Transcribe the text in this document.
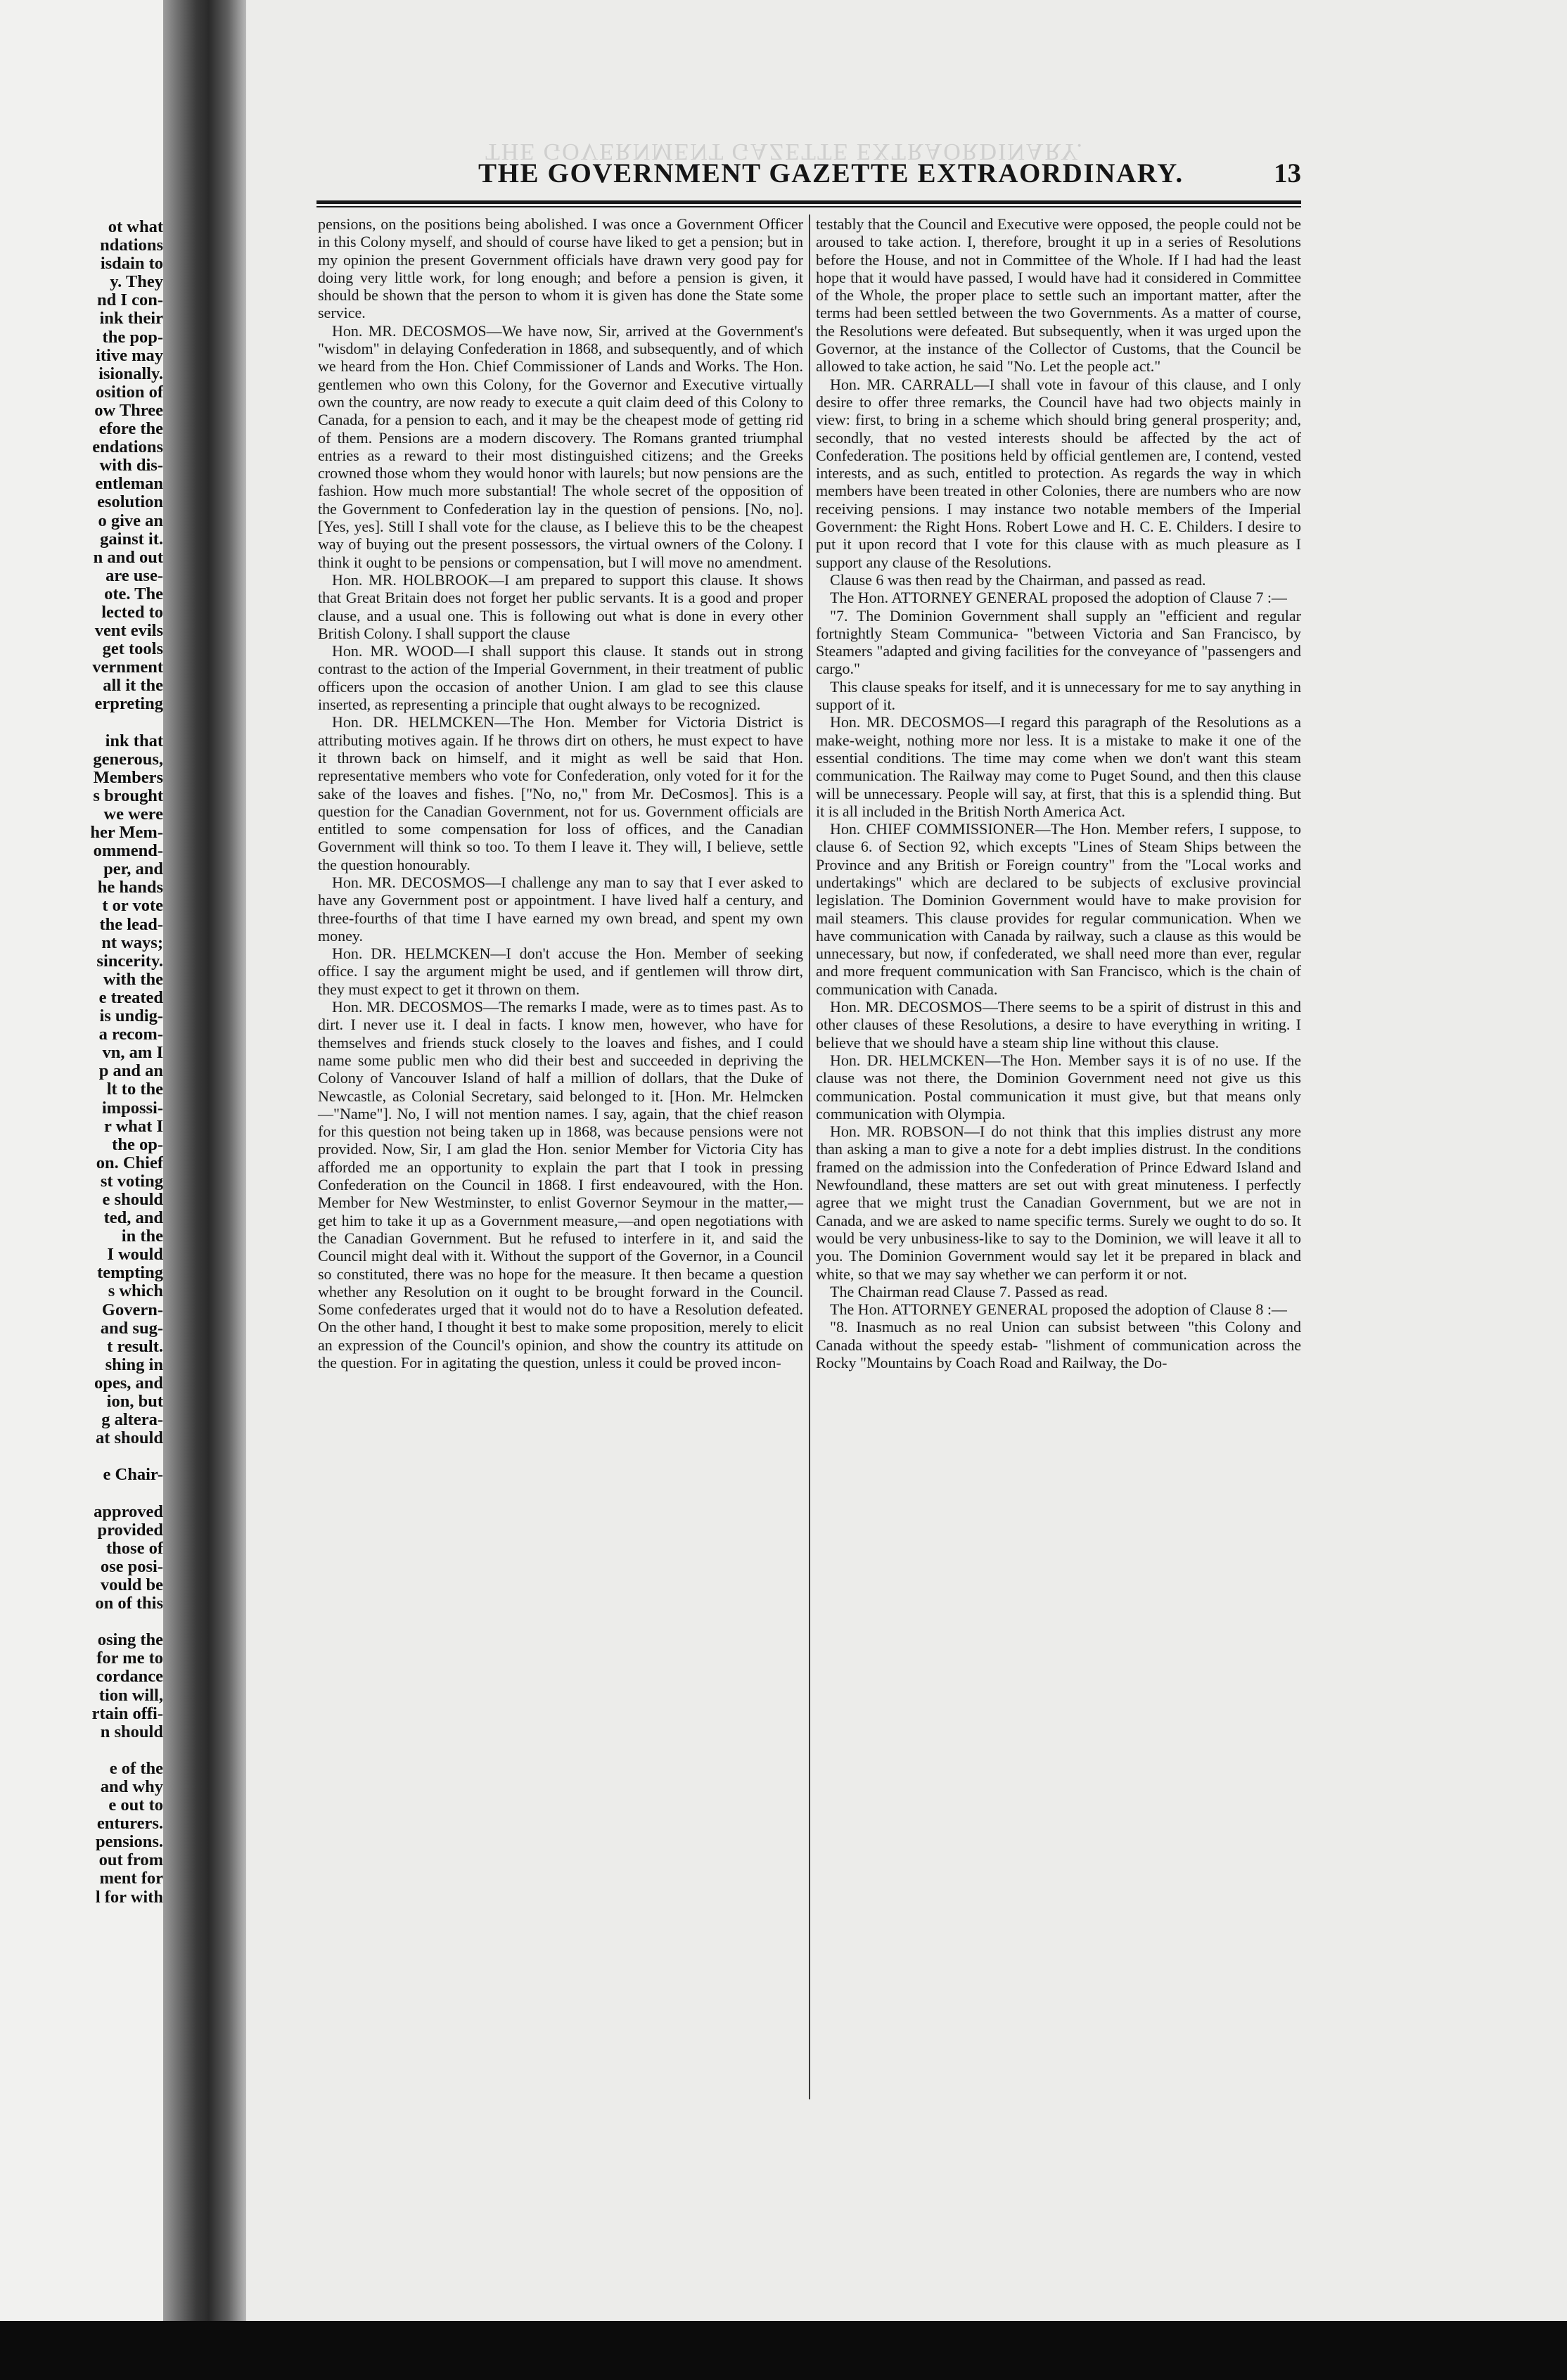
ot what
ndations
isdain to
y. They
nd I con-
ink their
the pop-
itive may
isionally.
osition of
ow Three
efore the
endations
with dis-
entleman
esolution
o give an
gainst it.
n and out
are use-
ote. The
lected to
vent evils
get tools
vernment
all it the
erpreting

ink that
generous,
Members
s brought
we were
her Mem-
ommend-
per, and
he hands
t or vote
the lead-
nt ways;
sincerity.
with the
e treated
is undig-
a recom-
vn, am I
p and an
lt to the
impossi-
r what I
the op-
on. Chief
st voting
e should
ted, and
in the
I would
tempting
s which
Govern-
and sug-
t result.
shing in
opes, and
ion, but
g altera-
at should

e Chair-

approved
provided
those of
ose posi-
vould be
on of this

osing the
for me to
cordance
tion will,
rtain offi-
n should

e of the
and why
e out to
enturers.
pensions.
out from
ment for
l for with
THE GOVERNMENT GAZETTE EXTRAORDINARY.
THE GOVERNMENT GAZETTE EXTRAORDINARY.	13

pensions, on the positions being abolished. I was once a Government Officer in this Colony myself, and should of course have liked to get a pension; but in my opinion the present Government officials have drawn very good pay for doing very little work, for long enough; and before a pension is given, it should be shown that the person to whom it is given has done the State some service.

Hon. MR. DECOSMOS—We have now, Sir, arrived at the Government's "wisdom" in delaying Confederation in 1868, and subsequently, and of which we heard from the Hon. Chief Commissioner of Lands and Works. The Hon. gentlemen who own this Colony, for the Governor and Executive virtually own the country, are now ready to execute a quit claim deed of this Colony to Canada, for a pension to each, and it may be the cheapest mode of getting rid of them. Pensions are a modern discovery. The Romans granted triumphal entries as a reward to their most distinguished citizens; and the Greeks crowned those whom they would honor with laurels; but now pensions are the fashion. How much more substantial! The whole secret of the opposition of the Government to Confederation lay in the question of pensions. [No, no]. [Yes, yes]. Still I shall vote for the clause, as I believe this to be the cheapest way of buying out the present possessors, the virtual owners of the Colony. I think it ought to be pensions or compensation, but I will move no amendment.

Hon. MR. HOLBROOK—I am prepared to support this clause. It shows that Great Britain does not forget her public servants. It is a good and proper clause, and a usual one. This is following out what is done in every other British Colony. I shall support the clause

Hon. MR. WOOD—I shall support this clause. It stands out in strong contrast to the action of the Imperial Government, in their treatment of public officers upon the occasion of another Union. I am glad to see this clause inserted, as representing a principle that ought always to be recognized.

Hon. DR. HELMCKEN—The Hon. Member for Victoria District is attributing motives again. If he throws dirt on others, he must expect to have it thrown back on himself, and it might as well be said that Hon. representative members who vote for Confederation, only voted for it for the sake of the loaves and fishes. ["No, no," from Mr. DeCosmos]. This is a question for the Canadian Government, not for us. Government officials are entitled to some compensation for loss of offices, and the Canadian Government will think so too. To them I leave it. They will, I believe, settle the question honourably.

Hon. MR. DECOSMOS—I challenge any man to say that I ever asked to have any Government post or appointment. I have lived half a century, and three-fourths of that time I have earned my own bread, and spent my own money.

Hon. DR. HELMCKEN—I don't accuse the Hon. Member of seeking office. I say the argument might be used, and if gentlemen will throw dirt, they must expect to get it thrown on them.

Hon. MR. DECOSMOS—The remarks I made, were as to times past. As to dirt. I never use it. I deal in facts. I know men, however, who have for themselves and friends stuck closely to the loaves and fishes, and I could name some public men who did their best and succeeded in depriving the Colony of Vancouver Island of half a million of dollars, that the Duke of Newcastle, as Colonial Secretary, said belonged to it. [Hon. Mr. Helmcken—"Name"]. No, I will not mention names. I say, again, that the chief reason for this question not being taken up in 1868, was because pensions were not provided. Now, Sir, I am glad the Hon. senior Member for Victoria City has afforded me an opportunity to explain the part that I took in pressing Confederation on the Council in 1868. I first endeavoured, with the Hon. Member for New Westminster, to enlist Governor Seymour in the matter,—get him to take it up as a Government measure,—and open negotiations with the Canadian Government. But he refused to interfere in it, and said the Council might deal with it. Without the support of the Governor, in a Council so constituted, there was no hope for the measure. It then became a question whether any Resolution on it ought to be brought forward in the Council. Some confederates urged that it would not do to have a Resolution defeated. On the other hand, I thought it best to make some proposition, merely to elicit an expression of the Council's opinion, and show the country its attitude on the question. For in agitating the question, unless it could be proved incon-

testably that the Council and Executive were opposed, the people could not be aroused to take action. I, therefore, brought it up in a series of Resolutions before the House, and not in Committee of the Whole. If I had had the least hope that it would have passed, I would have had it considered in Committee of the Whole, the proper place to settle such an important matter, after the terms had been settled between the two Governments. As a matter of course, the Resolutions were defeated. But subsequently, when it was urged upon the Governor, at the instance of the Collector of Customs, that the Council be allowed to take action, he said "No. Let the people act."

Hon. MR. CARRALL—I shall vote in favour of this clause, and I only desire to offer three remarks, the Council have had two objects mainly in view: first, to bring in a scheme which should bring general prosperity; and, secondly, that no vested interests should be affected by the act of Confederation. The positions held by official gentlemen are, I contend, vested interests, and as such, entitled to protection. As regards the way in which members have been treated in other Colonies, there are numbers who are now receiving pensions. I may instance two notable members of the Imperial Government: the Right Hons. Robert Lowe and H. C. E. Childers. I desire to put it upon record that I vote for this clause with as much pleasure as I support any clause of the Resolutions.

Clause 6 was then read by the Chairman, and passed as read.

The Hon. ATTORNEY GENERAL proposed the adoption of Clause 7 :—

"7. The Dominion Government shall supply an "efficient and regular fortnightly Steam Communica- "between Victoria and San Francisco, by Steamers "adapted and giving facilities for the conveyance of "passengers and cargo."

This clause speaks for itself, and it is unnecessary for me to say anything in support of it.

Hon. MR. DECOSMOS—I regard this paragraph of the Resolutions as a make-weight, nothing more nor less. It is a mistake to make it one of the essential conditions. The time may come when we don't want this steam communication. The Railway may come to Puget Sound, and then this clause will be unnecessary. People will say, at first, that this is a splendid thing. But it is all included in the British North America Act.

Hon. CHIEF COMMISSIONER—The Hon. Member refers, I suppose, to clause 6. of Section 92, which excepts "Lines of Steam Ships between the Province and any British or Foreign country" from the "Local works and undertakings" which are declared to be subjects of exclusive provincial legislation. The Dominion Government would have to make provision for mail steamers. This clause provides for regular communication. When we have communication with Canada by railway, such a clause as this would be unnecessary, but now, if confederated, we shall need more than ever, regular and more frequent communication with San Francisco, which is the chain of communication with Canada.

Hon. MR. DECOSMOS—There seems to be a spirit of distrust in this and other clauses of these Resolutions, a desire to have everything in writing. I believe that we should have a steam ship line without this clause.

Hon. DR. HELMCKEN—The Hon. Member says it is of no use. If the clause was not there, the Dominion Government need not give us this communication. Postal communication it must give, but that means only communication with Olympia.

Hon. MR. ROBSON—I do not think that this implies distrust any more than asking a man to give a note for a debt implies distrust. In the conditions framed on the admission into the Confederation of Prince Edward Island and Newfoundland, these matters are set out with great minuteness. I perfectly agree that we might trust the Canadian Government, but we are not in Canada, and we are asked to name specific terms. Surely we ought to do so. It would be very unbusiness-like to say to the Dominion, we will leave it all to you. The Dominion Government would say let it be prepared in black and white, so that we may say whether we can perform it or not.

The Chairman read Clause 7. Passed as read.

The Hon. ATTORNEY GENERAL proposed the adoption of Clause 8 :—

"8. Inasmuch as no real Union can subsist between "this Colony and Canada without the speedy estab- "lishment of communication across the Rocky "Mountains by Coach Road and Railway, the Do-
